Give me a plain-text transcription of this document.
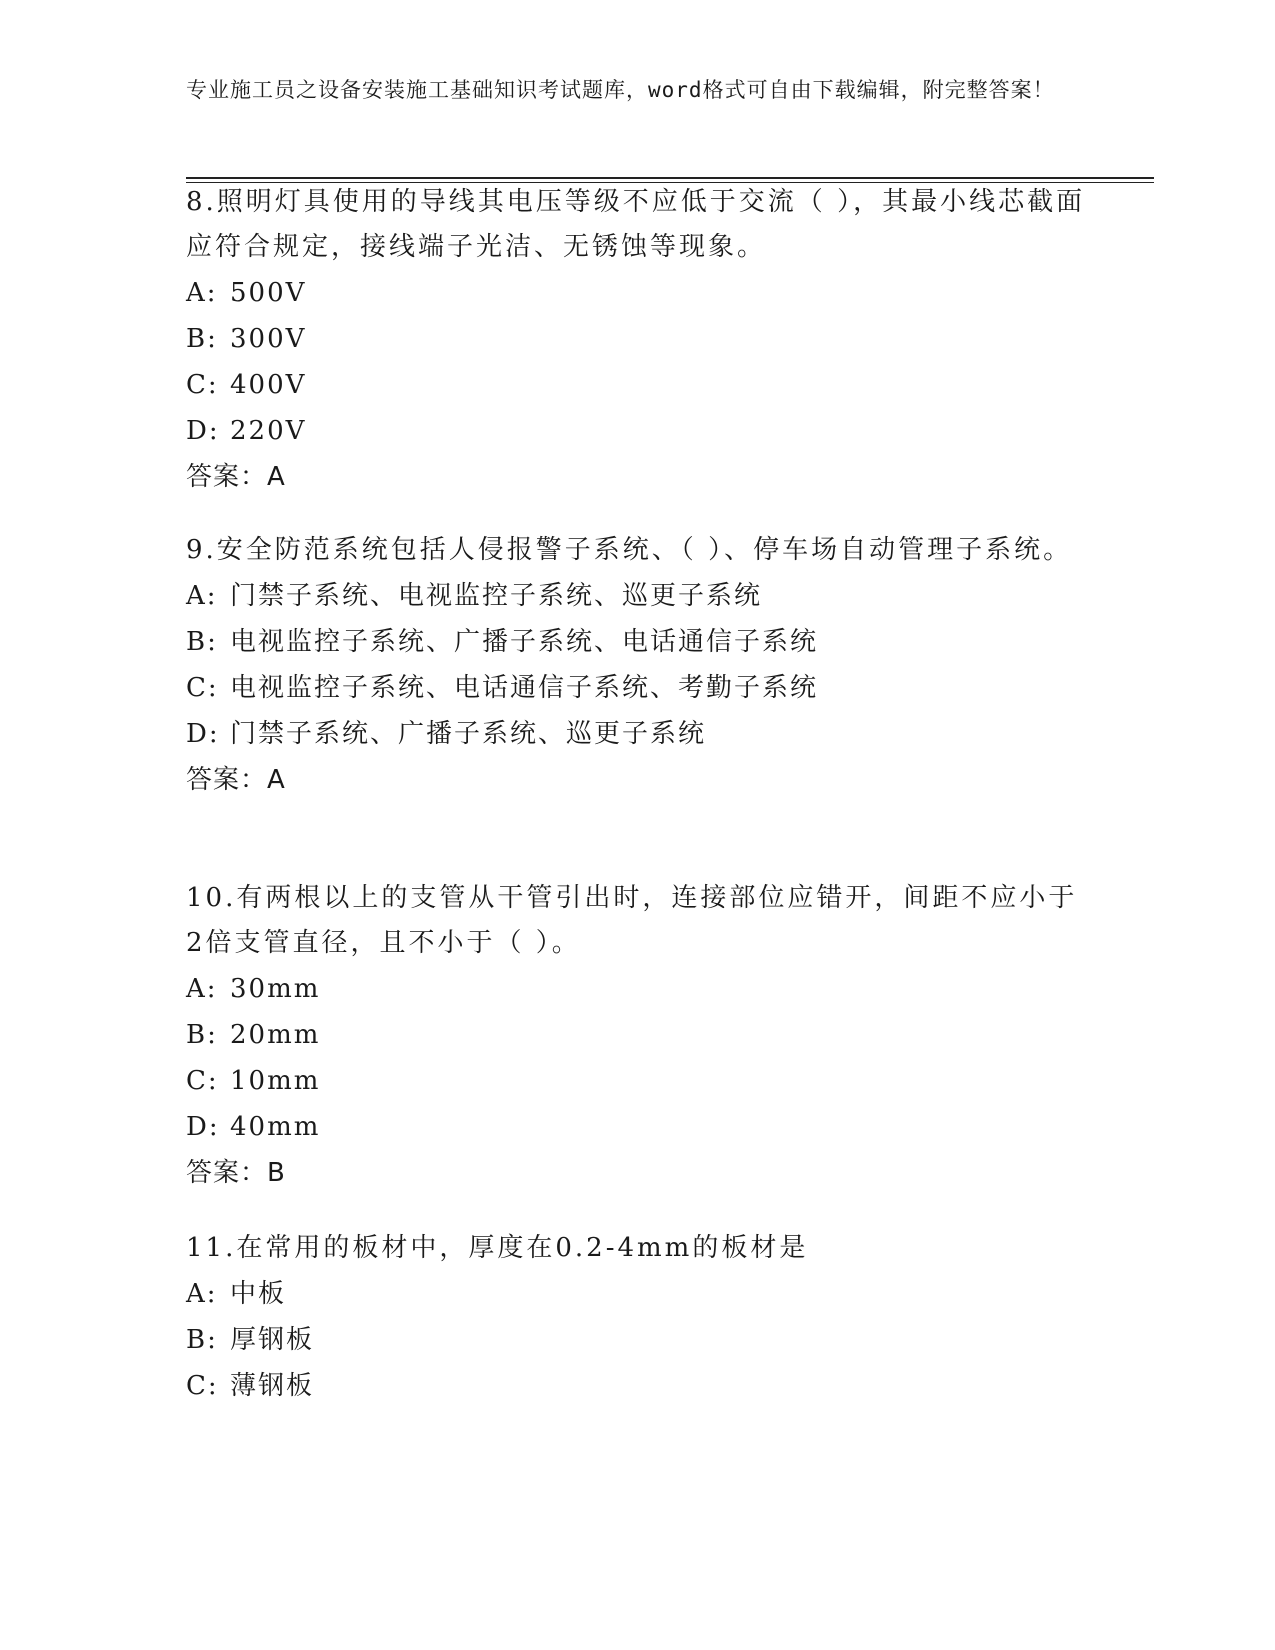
专业施工员之设备安装施工基础知识考试题库，word格式可自由下载编辑，附完整答案！

8.照明灯具使用的导线其电压等级不应低于交流（ ），其最小线芯截面应符合规定，接线端子光洁、无锈蚀等现象。

A: 500V
B: 300V
C: 400V
D: 220V
答案：A

9.安全防范系统包括人侵报警子系统、（ ）、停车场自动管理子系统。

A: 门禁子系统、电视监控子系统、巡更子系统
B: 电视监控子系统、广播子系统、电话通信子系统
C: 电视监控子系统、电话通信子系统、考勤子系统
D: 门禁子系统、广播子系统、巡更子系统
答案：A

10.有两根以上的支管从干管引出时，连接部位应错开，间距不应小于2倍支管直径，且不小于（ ）。

A: 30mm
B: 20mm
C: 10mm
D: 40mm
答案：B

11.在常用的板材中，厚度在0.2-4mm的板材是

A: 中板
B: 厚钢板
C: 薄钢板
